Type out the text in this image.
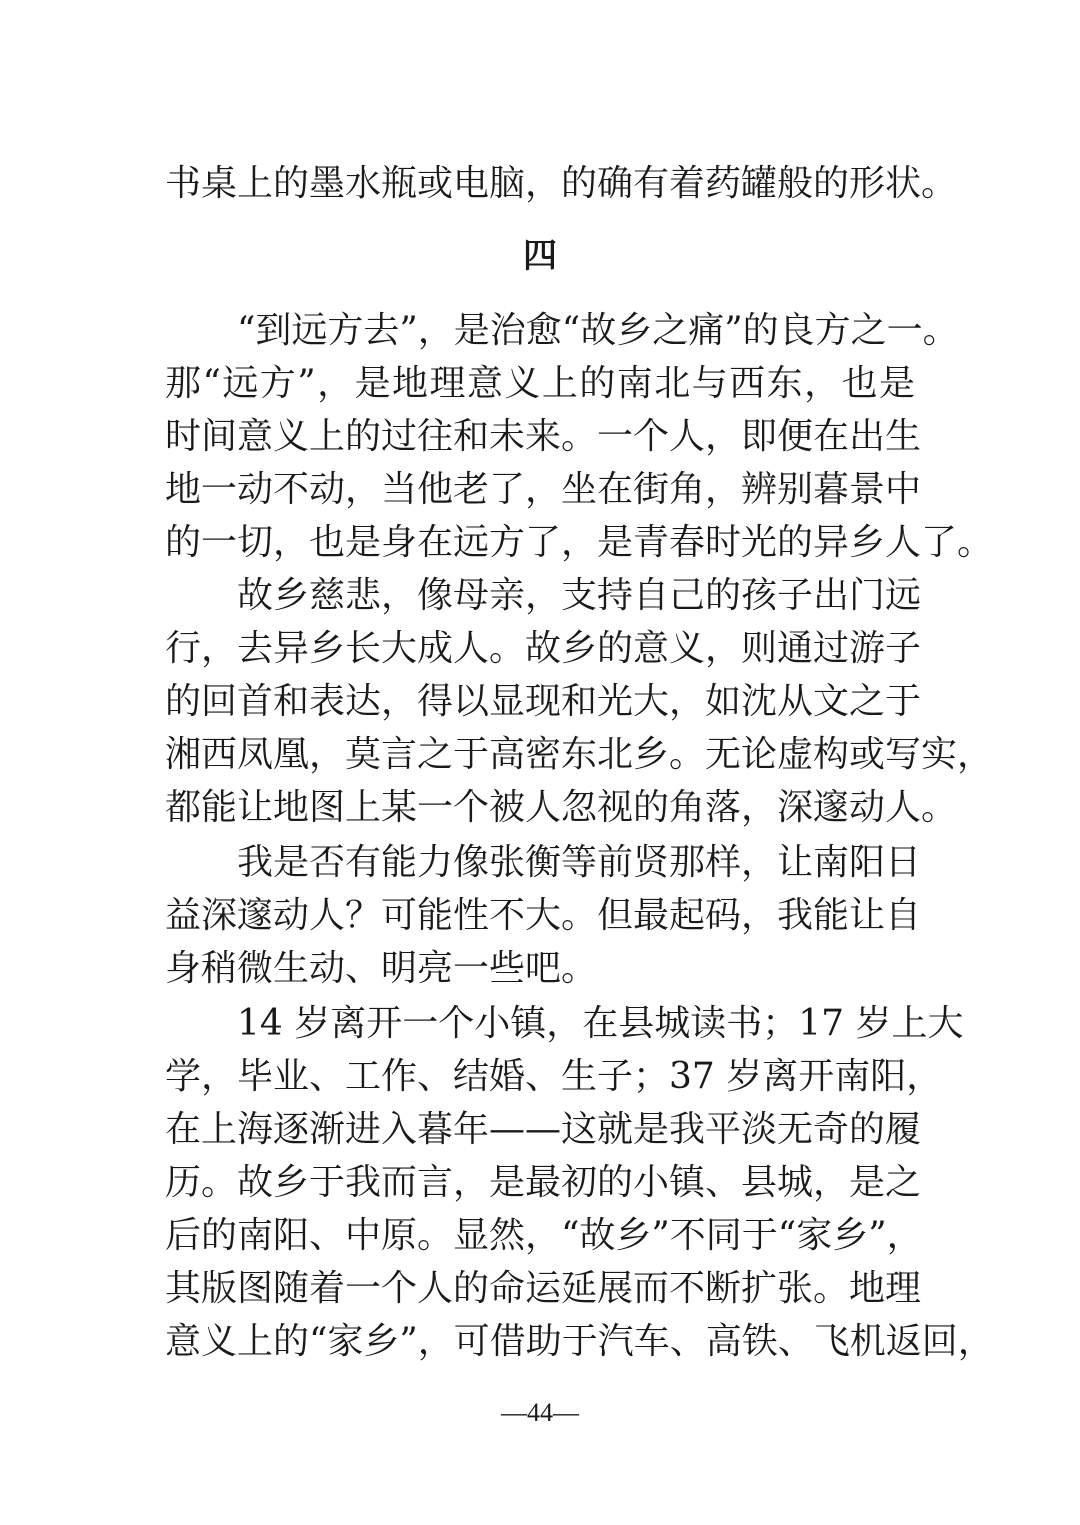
书桌上的墨水瓶或电脑，的确有着药罐般的形状。
四
“到远方去”，是治愈“故乡之痛”的良方之一。
那“远方”，是地理意义上的南北与西东，也是
时间意义上的过往和未来。一个人，即便在出生
地一动不动，当他老了，坐在街角，辨别暮景中
的一切，也是身在远方了，是青春时光的异乡人了。
故乡慈悲，像母亲，支持自己的孩子出门远
行，去异乡长大成人。故乡的意义，则通过游子
的回首和表达，得以显现和光大，如沈从文之于
湘西凤凰，莫言之于高密东北乡。无论虚构或写实，
都能让地图上某一个被人忽视的角落，深邃动人。
我是否有能力像张衡等前贤那样，让南阳日
益深邃动人？可能性不大。但最起码，我能让自
身稍微生动、明亮一些吧。
14 岁离开一个小镇，在县城读书；17 岁上大
学，毕业、工作、结婚、生子；37 岁离开南阳，
在上海逐渐进入暮年——这就是我平淡无奇的履
历。故乡于我而言，是最初的小镇、县城，是之
后的南阳、中原。显然，“故乡”不同于“家乡”，
其版图随着一个人的命运延展而不断扩张。地理
意义上的“家乡”，可借助于汽车、高铁、飞机返回，
—44—
